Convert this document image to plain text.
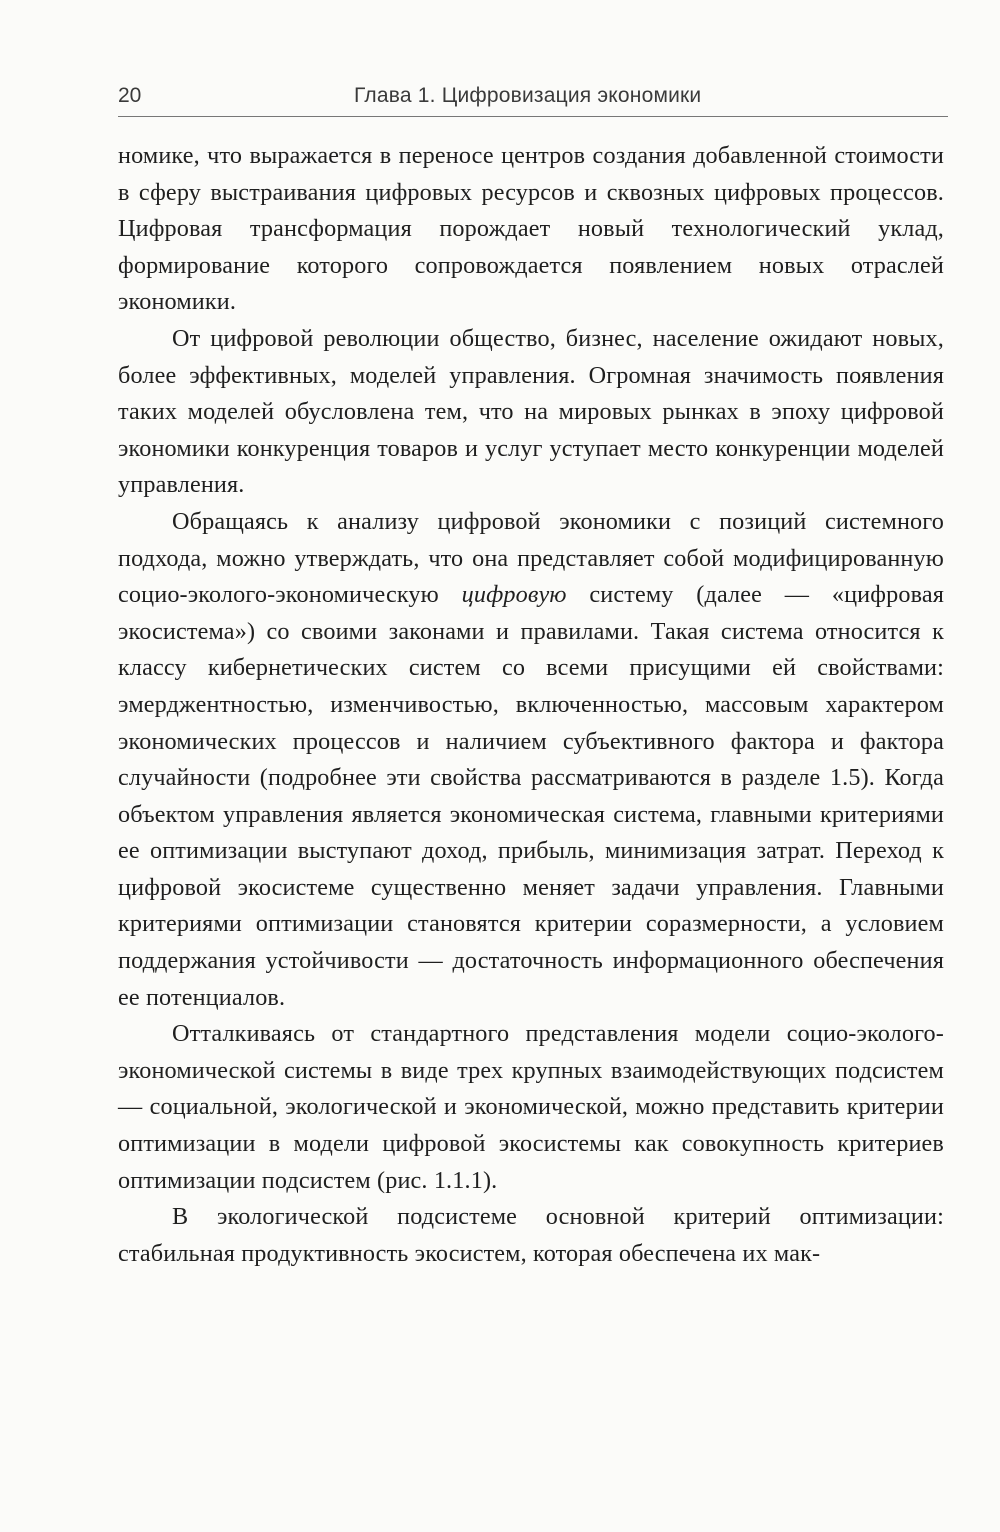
20	Глава 1. Цифровизация экономики

номике, что выражается в переносе центров создания добавленной стоимости в сферу выстраивания цифровых ресурсов и сквозных цифровых процессов. Цифровая трансформация порождает новый технологический уклад, формирование которого сопровождается появлением новых отраслей экономики.

От цифровой революции общество, бизнес, население ожидают новых, более эффективных, моделей управления. Огромная значимость появления таких моделей обусловлена тем, что на мировых рынках в эпоху цифровой экономики конкуренция товаров и услуг уступает место конкуренции моделей управления.

Обращаясь к анализу цифровой экономики с позиций системного подхода, можно утверждать, что она представляет собой модифицированную социо-эколого-экономическую цифровую систему (далее — «цифровая экосистема») со своими законами и правилами. Такая система относится к классу кибернетических систем со всеми присущими ей свойствами: эмерджентностью, изменчивостью, включенностью, массовым характером экономических процессов и наличием субъективного фактора и фактора случайности (подробнее эти свойства рассматриваются в разделе 1.5). Когда объектом управления является экономическая система, главными критериями ее оптимизации выступают доход, прибыль, минимизация затрат. Переход к цифровой экосистеме существенно меняет задачи управления. Главными критериями оптимизации становятся критерии соразмерности, а условием поддержания устойчивости — достаточность информационного обеспечения ее потенциалов.

Отталкиваясь от стандартного представления модели социо-эколого-экономической системы в виде трех крупных взаимодействующих подсистем — социальной, экологической и экономической, можно представить критерии оптимизации в модели цифровой экосистемы как совокупность критериев оптимизации подсистем (рис. 1.1.1).

В экологической подсистеме основной критерий оптимизации: стабильная продуктивность экосистем, которая обеспечена их мак-
